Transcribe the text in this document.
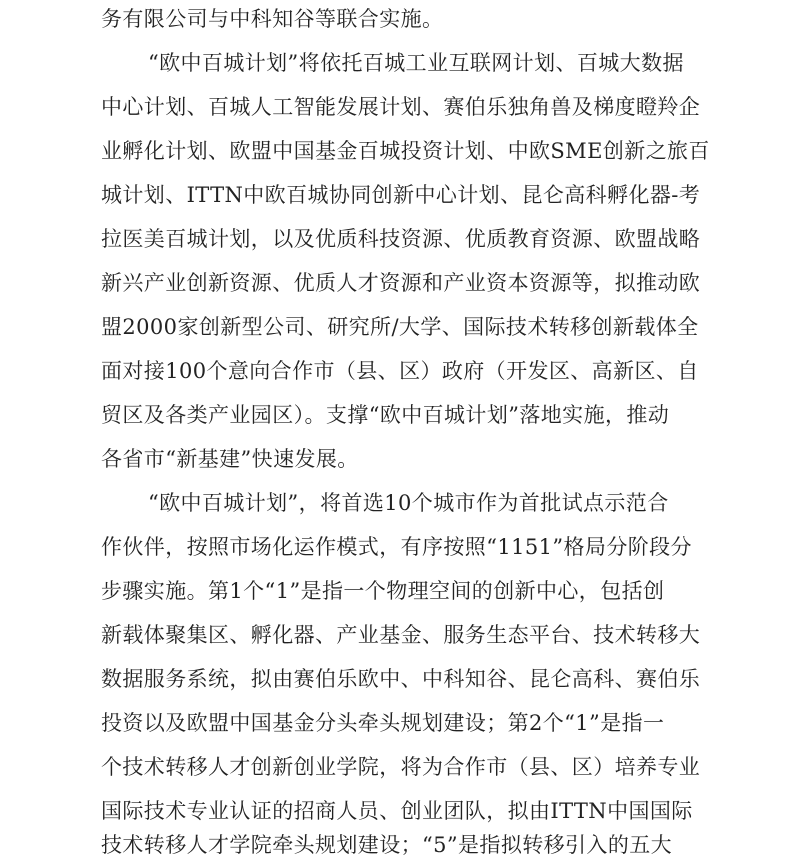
务有限公司与中科知谷等联合实施。
“欧中百城计划”将依托百城工业互联网计划、百城大数据
中心计划、百城人工智能发展计划、赛伯乐独角兽及梯度瞪羚企
业孵化计划、欧盟中国基金百城投资计划、中欧SME创新之旅百
城计划、ITTN中欧百城协同创新中心计划、昆仑高科孵化器-考
拉医美百城计划，以及优质科技资源、优质教育资源、欧盟战略
新兴产业创新资源、优质人才资源和产业资本资源等，拟推动欧
盟2000家创新型公司、研究所/大学、国际技术转移创新载体全
面对接100个意向合作市（县、区）政府（开发区、高新区、自
贸区及各类产业园区）。支撑“欧中百城计划”落地实施，推动
各省市“新基建”快速发展。
“欧中百城计划”，将首选10个城市作为首批试点示范合
作伙伴，按照市场化运作模式，有序按照“1151”格局分阶段分
步骤实施。第1个“1”是指一个物理空间的创新中心，包括创
新载体聚集区、孵化器、产业基金、服务生态平台、技术转移大
数据服务系统，拟由赛伯乐欧中、中科知谷、昆仑高科、赛伯乐
投资以及欧盟中国基金分头牵头规划建设；第2个“1”是指一
个技术转移人才创新创业学院，将为合作市（县、区）培养专业
国际技术专业认证的招商人员、创业团队，拟由ITTN中国国际
技术转移人才学院牵头规划建设；“5”是指拟转移引入的五大
